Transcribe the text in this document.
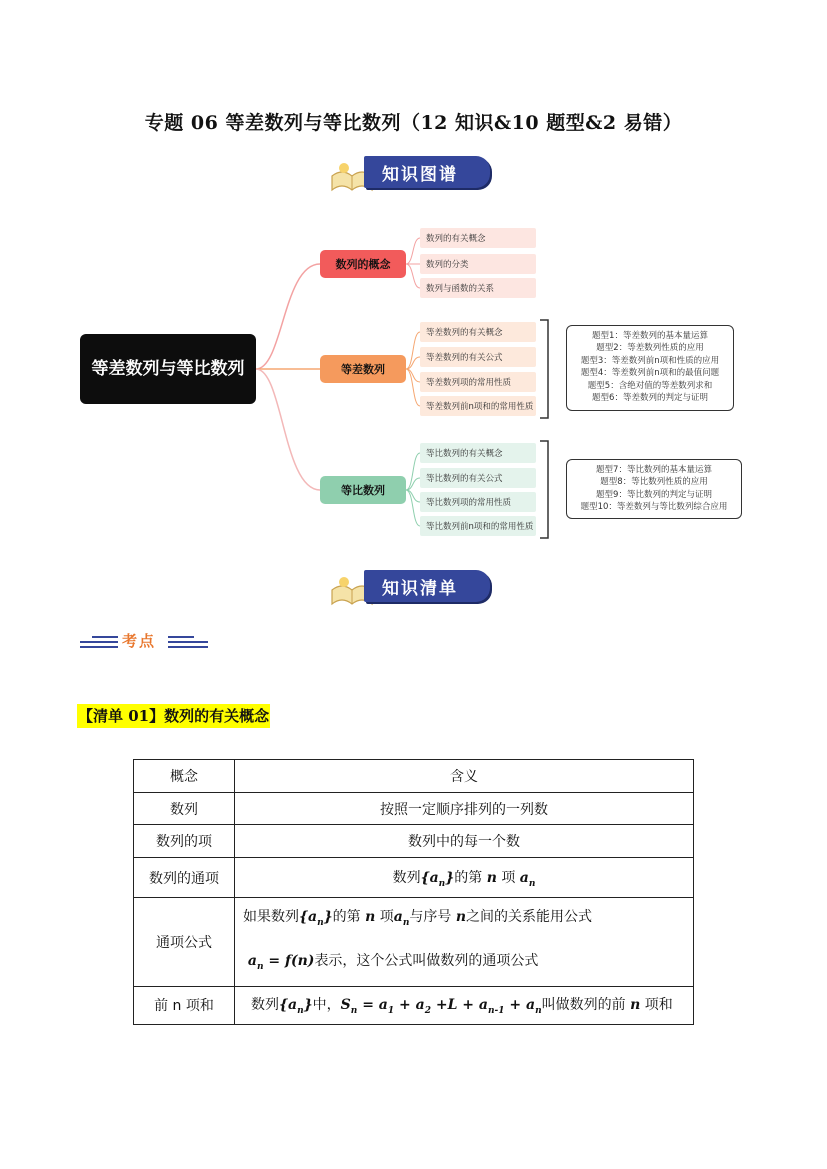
专题 06 等差数列与等比数列（12 知识&10 题型&2 易错）
知识图谱
等差数列与等比数列
数列的概念
数列的有关概念
数列的分类
数列与函数的关系
等差数列
等差数列的有关概念
等差数列的有关公式
等差数列项的常用性质
等差数列前n项和的常用性质
题型1：等差数列的基本量运算
题型2：等差数列性质的应用
题型3：等差数列前n项和性质的应用
题型4：等差数列前n项和的最值问题
题型5：含绝对值的等差数列求和
题型6：等差数列的判定与证明
等比数列
等比数列的有关概念
等比数列的有关公式
等比数列项的常用性质
等比数列前n项和的常用性质
题型7：等比数列的基本量运算
题型8：等比数列性质的应用
题型9：等比数列的判定与证明
题型10：等差数列与等比数列综合应用
知识清单
考点
【清单 01】数列的有关概念
概念	含义
数列	按照一定顺序排列的一列数
数列的项	数列中的每一个数
数列的通项	数列$\{a_n\}$的第 n 项 $a_n$
通项公式	如果数列$\{a_n\}$的第 n 项$a_n$与序号 n之间的关系能用公式
$a_n = f(n)$表示，这个公式叫做数列的通项公式

前 n 项和	数列$\{a_n\}$中，$S_n = a_1 + a_2 +L + a_{n-1} + a_n$叫做数列的前 n 项和
